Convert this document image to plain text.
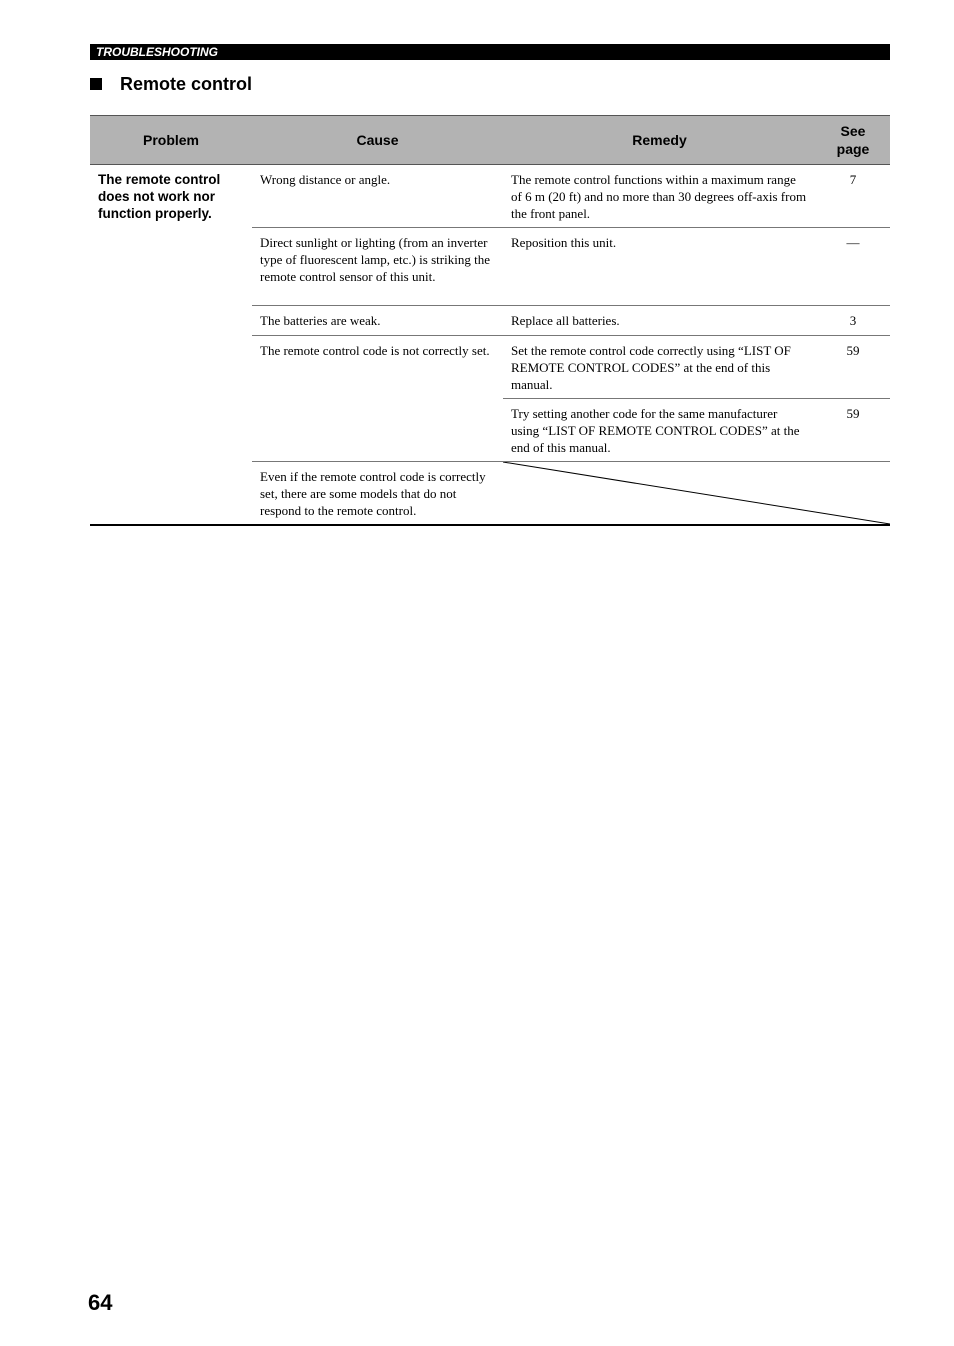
TROUBLESHOOTING
Remote control
Problem	Cause	Remedy	See
page
The remote control does not work nor function properly.	Wrong distance or angle.	The remote control functions within a maximum range of 6 m (20 ft) and no more than 30 degrees off-axis from the front panel.	7
	Direct sunlight or lighting (from an inverter type of fluorescent lamp, etc.) is striking the remote control sensor of this unit.	Reposition this unit.	—
	The batteries are weak.	Replace all batteries.	3
	The remote control code is not correctly set.	Set the remote control code correctly using “LIST OF REMOTE CONTROL CODES” at the end of this manual.	59
		Try setting another code for the same manufacturer using “LIST OF REMOTE CONTROL CODES” at the end of this manual.	59
	Even if the remote control code is correctly set, there are some models that do not respond to the remote control.	
64
